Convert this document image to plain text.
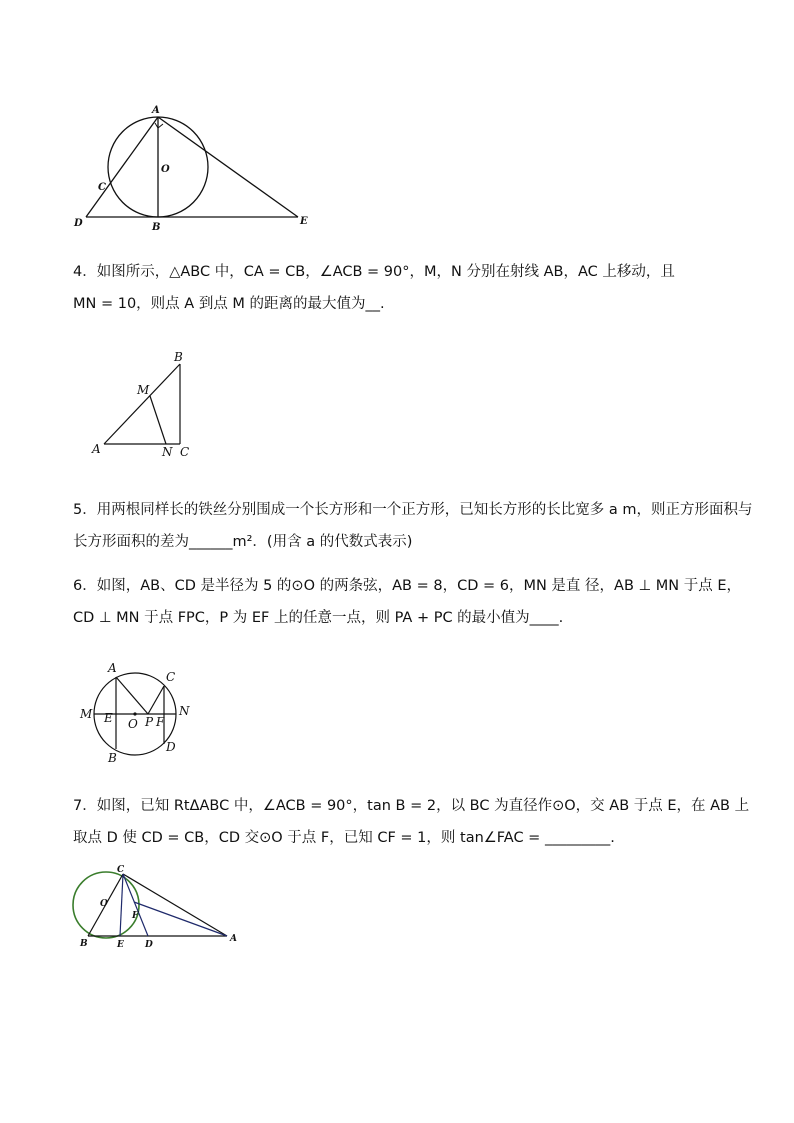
A
O
C
D	B
E
4．如图所示，△ABC 中，CA = CB，∠ACB = 90°，M，N 分别在射线 AB，AC 上移动，且
MN = 10，则点 A 到点 M 的距离的最大值为__.
B
M
A	N C
5．用两根同样长的铁丝分别围成一个长方形和一个正方形，已知长方形的长比宽多 a m，则正方形面积与
长方形面积的差为______m²．(用含 a 的代数式表示)
6．如图，AB、CD 是半径为 5 的⊙O 的两条弦，AB = 8，CD = 6，MN 是直 径，AB ⊥ MN 于点 E，
CD ⊥ MN 于点 FPC，P 为 EF 上的任意一点，则 PA + PC 的最小值为____.
A
C
M E O P F
N
B
D
7．如图，已知 RtΔABC 中，∠ACB = 90°，tan B = 2，以 BC 为直径作⊙O，交 AB 于点 E，在 AB 上
取点 D 使 CD = CB，CD 交⊙O 于点 F，已知 CF = 1，则 tan∠FAC = _________.
C
O
F
B	E D
A
